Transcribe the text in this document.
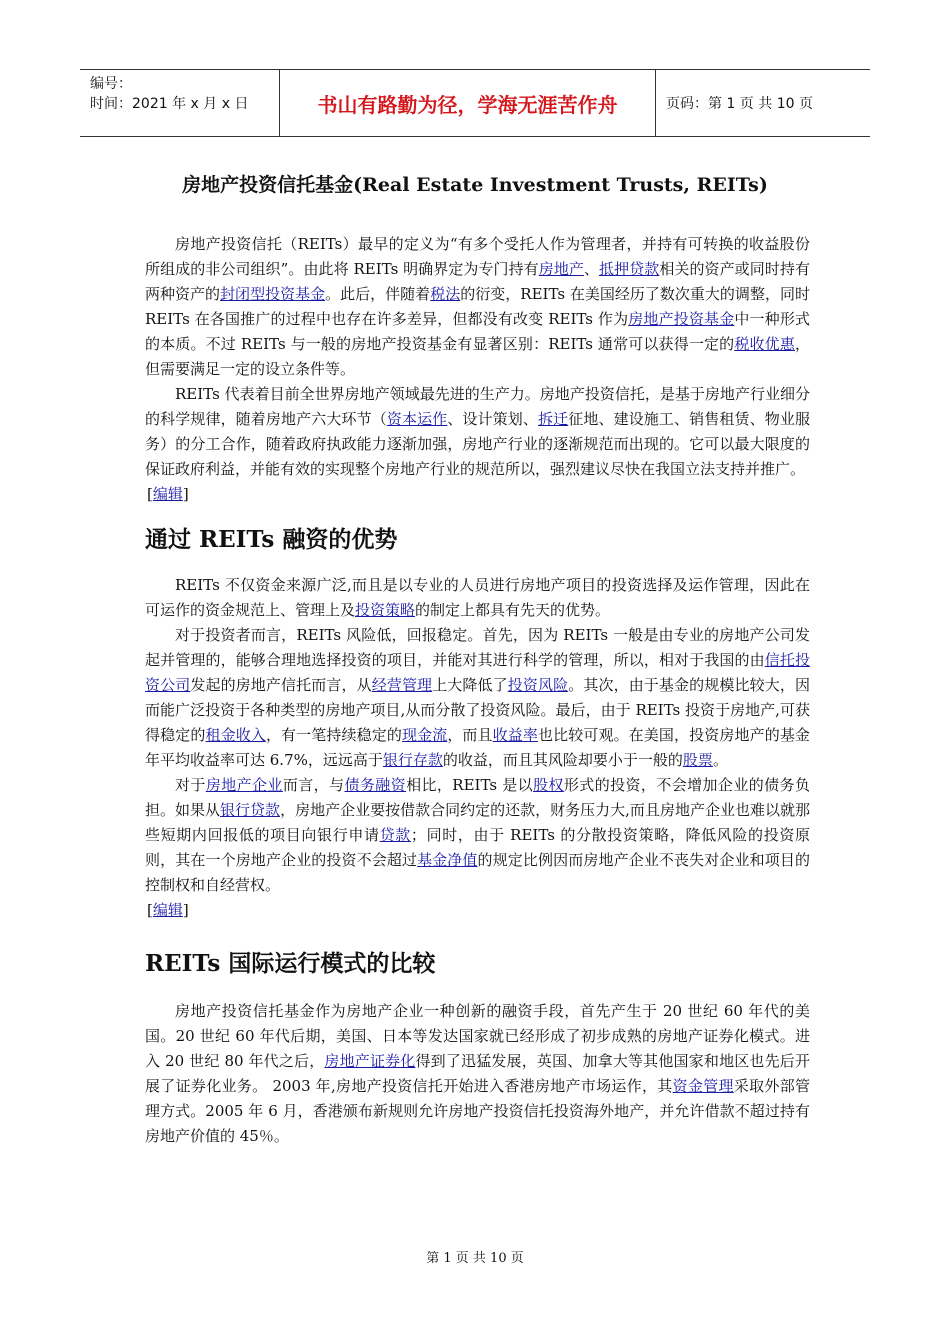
编号：
时间：2021 年 x 月 x 日	书山有路勤为径，学海无涯苦作舟	页码：第 1 页 共 10 页
房地产投资信托基金(Real Estate Investment Trusts, REITs)

房地产投资信托（REITs）最早的定义为“有多个受托人作为管理者，并持有可转换的收益股份所组成的非公司组织”。由此将 REITs 明确界定为专门持有房地产、抵押贷款相关的资产或同时持有两种资产的封闭型投资基金。此后，伴随着税法的衍变，REITs 在美国经历了数次重大的调整，同时 REITs 在各国推广的过程中也存在许多差异，但都没有改变 REITs 作为房地产投资基金中一种形式的本质。不过 REITs 与一般的房地产投资基金有显著区别：REITs 通常可以获得一定的税收优惠，但需要满足一定的设立条件等。

REITs 代表着目前全世界房地产领域最先进的生产力。房地产投资信托，是基于房地产行业细分的科学规律，随着房地产六大环节（资本运作、设计策划、拆迁征地、建设施工、销售租赁、物业服务）的分工合作，随着政府执政能力逐渐加强，房地产行业的逐渐规范而出现的。它可以最大限度的保证政府利益，并能有效的实现整个房地产行业的规范所以，强烈建议尽快在我国立法支持并推广。

[编辑]
通过 REITs 融资的优势

REITs 不仅资金来源广泛,而且是以专业的人员进行房地产项目的投资选择及运作管理，因此在可运作的资金规范上、管理上及投资策略的制定上都具有先天的优势。

对于投资者而言，REITs 风险低，回报稳定。首先，因为 REITs 一般是由专业的房地产公司发起并管理的，能够合理地选择投资的项目，并能对其进行科学的管理，所以，相对于我国的由信托投资公司发起的房地产信托而言，从经营管理上大降低了投资风险。其次，由于基金的规模比较大，因而能广泛投资于各种类型的房地产项目,从而分散了投资风险。最后，由于 REITs 投资于房地产,可获得稳定的租金收入，有一笔持续稳定的现金流，而且收益率也比较可观。在美国，投资房地产的基金年平均收益率可达 6.7%，远远高于银行存款的收益，而且其风险却要小于一般的股票。

对于房地产企业而言，与债务融资相比，REITs 是以股权形式的投资，不会增加企业的债务负担。如果从银行贷款，房地产企业要按借款合同约定的还款，财务压力大,而且房地产企业也难以就那些短期内回报低的项目向银行申请贷款；同时，由于 REITs 的分散投资策略，降低风险的投资原则，其在一个房地产企业的投资不会超过基金净值的规定比例因而房地产企业不丧失对企业和项目的控制权和自经营权。

[编辑]
REITs 国际运行模式的比较

房地产投资信托基金作为房地产企业一种创新的融资手段，首先产生于 20 世纪 60 年代的美国。20 世纪 60 年代后期，美国、日本等发达国家就已经形成了初步成熟的房地产证券化模式。进入 20 世纪 80 年代之后，房地产证券化得到了迅猛发展，英国、加拿大等其他国家和地区也先后开展了证券化业务。 2003 年,房地产投资信托开始进入香港房地产市场运作，其资金管理采取外部管理方式。2005 年 6 月，香港颁布新规则允许房地产投资信托投资海外地产，并允许借款不超过持有房地产价值的 45％。

第 1 页 共 10 页
